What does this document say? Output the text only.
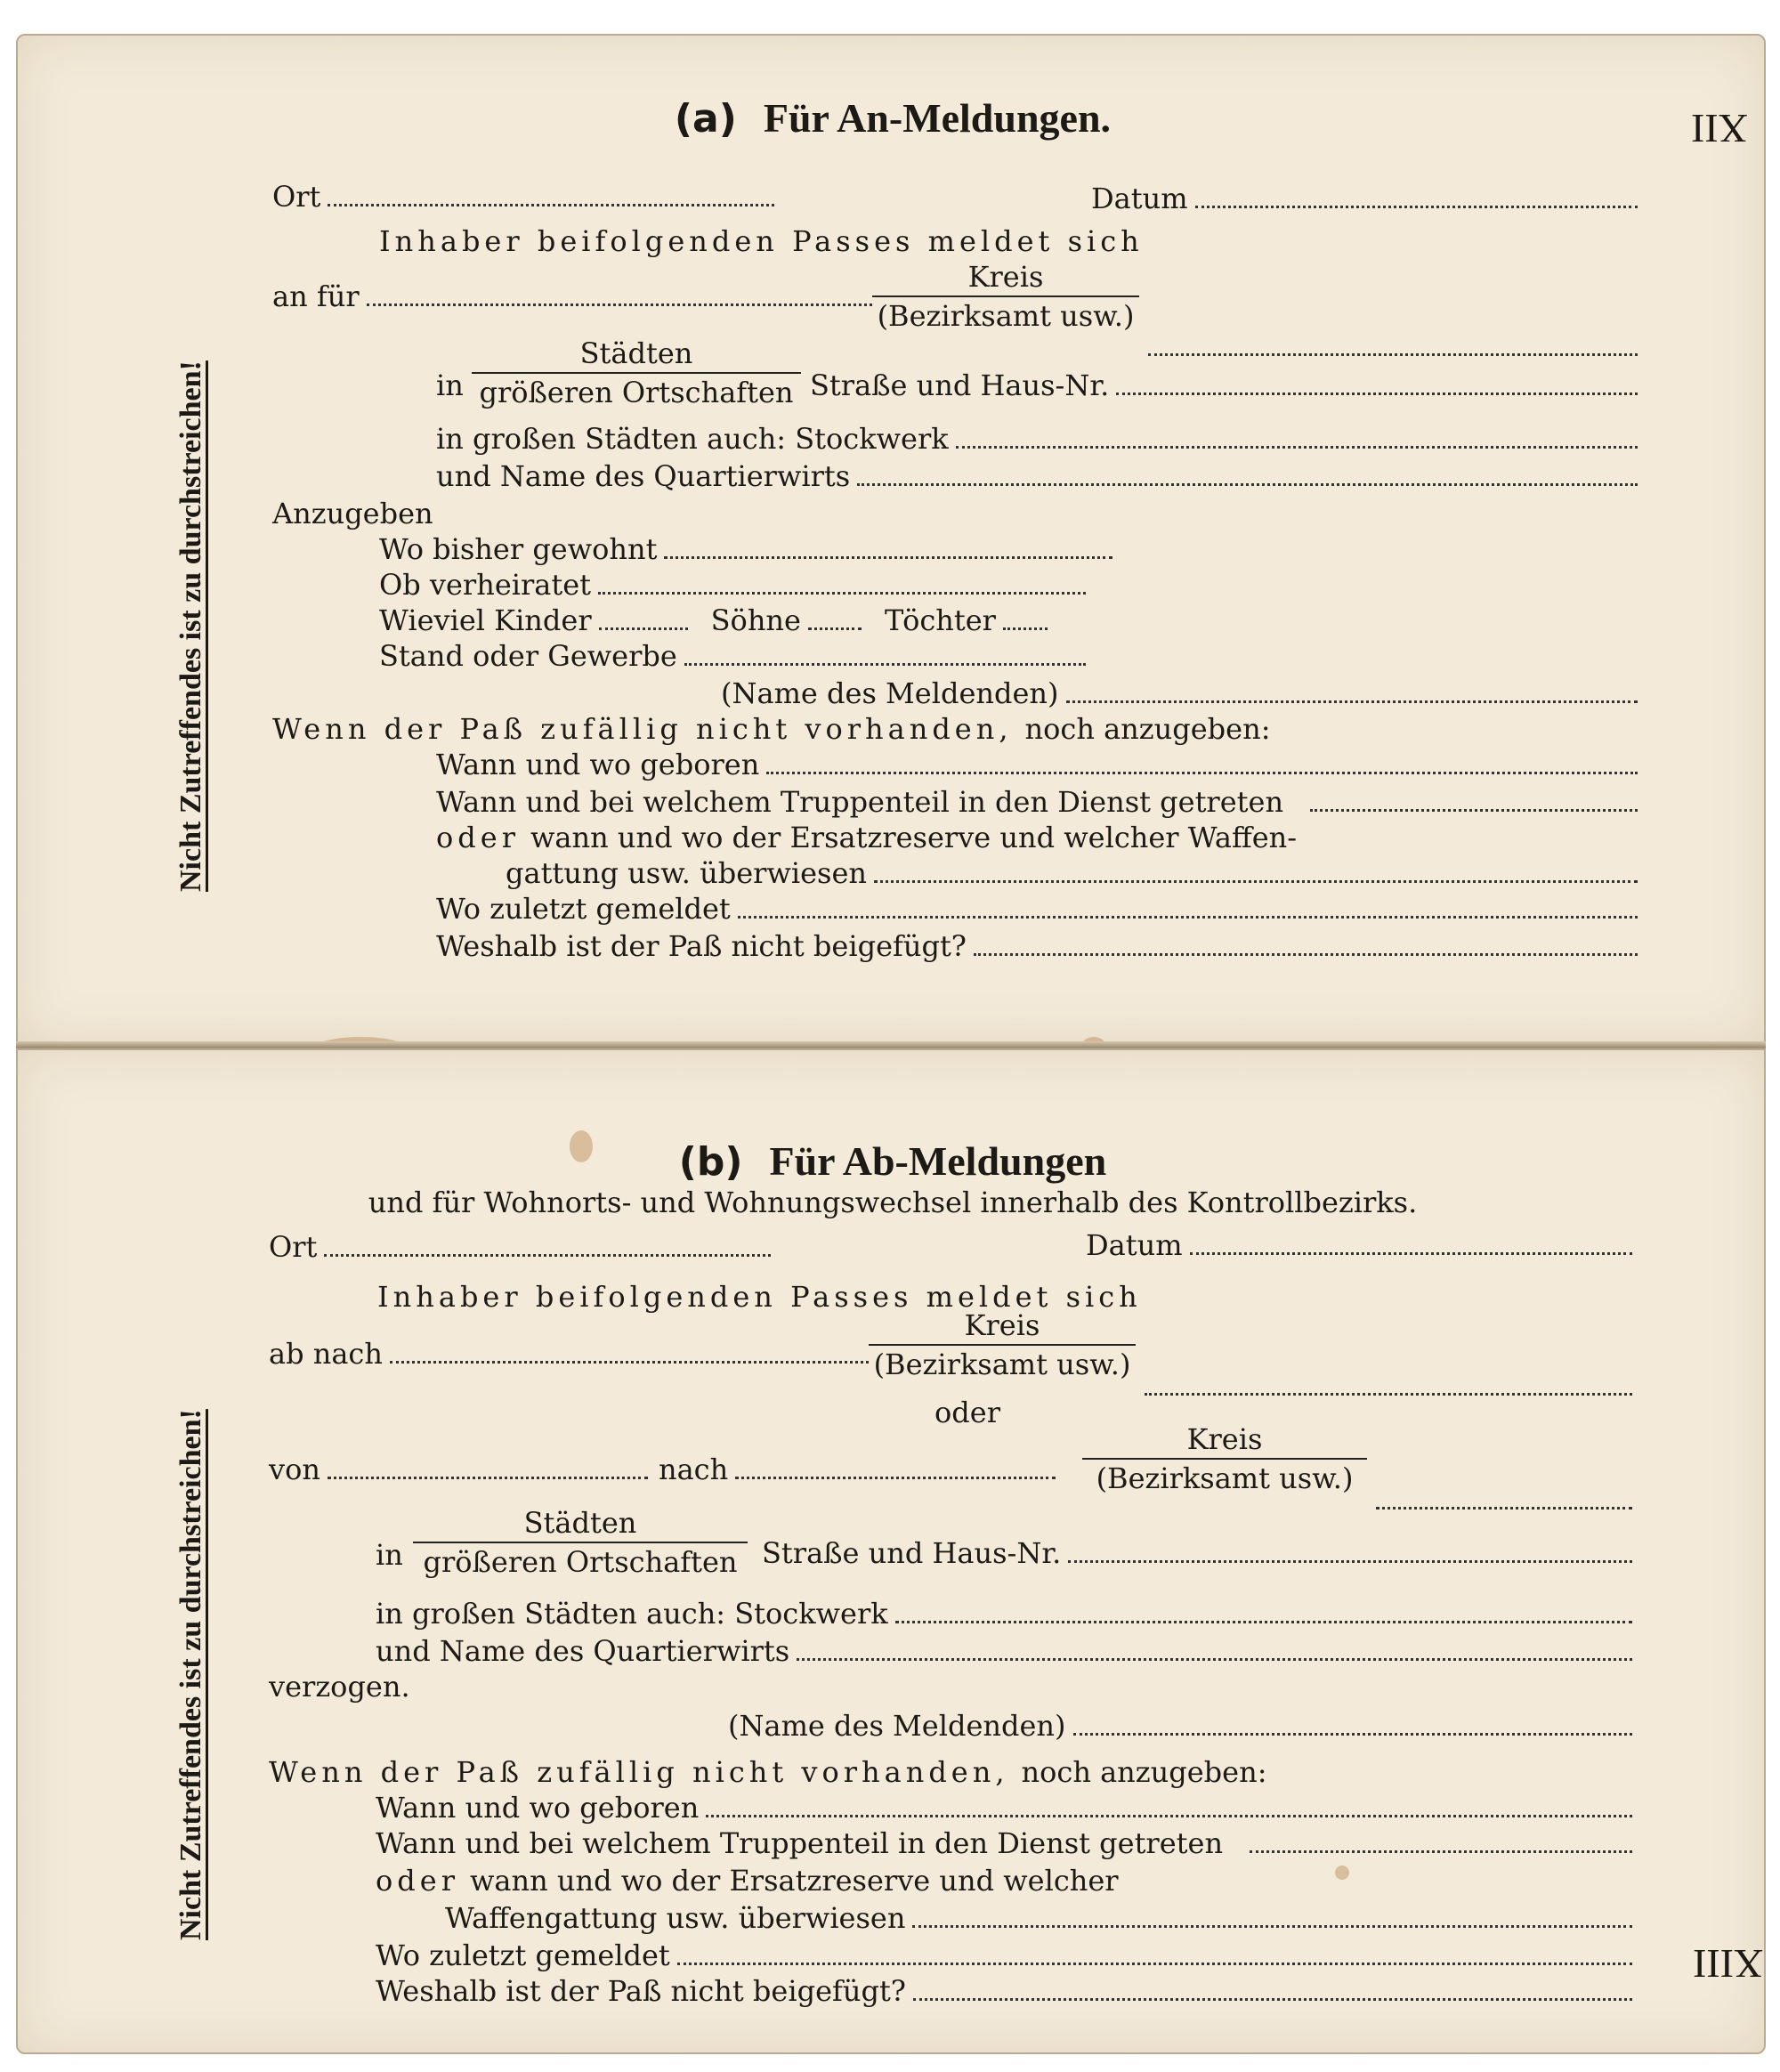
(a) Für An-Meldungen.	XII
Nicht Zutreffendes ist zu durchstreichen!
Ort	Datum
Inhaber beifolgenden Passes meldet sich
an für
Kreis
(Bezirksamt usw.)
in
Städten
größeren Ortschaften Straße und Haus-Nr.
in großen Städten auch: Stockwerk
und Name des Quartierwirts
Anzugeben
Wo bisher gewohnt
Ob verheiratet
Wieviel Kinder	Söhne	Töchter
Stand oder Gewerbe
(Name des Meldenden)
Wenn der Paß zufällig nicht vorhanden, noch anzugeben:
Wann und wo geboren
Wann und bei welchem Truppenteil in den Dienst getreten
oder wann und wo der Ersatzreserve und welcher Waffen-
gattung usw. überwiesen
Wo zuletzt gemeldet
Weshalb ist der Paß nicht beigefügt?
(b) Für Ab-Meldungen
und für Wohnorts- und Wohnungswechsel innerhalb des Kontrollbezirks.
XIII
Nicht Zutreffendes ist zu durchstreichen!
Ort	Datum
Inhaber beifolgenden Passes meldet sich
ab nach
Kreis
(Bezirksamt usw.)
oder
von	nach
Kreis
(Bezirksamt usw.)
in
Städten
größeren Ortschaften Straße und Haus-Nr.
in großen Städten auch: Stockwerk
und Name des Quartierwirts
verzogen.
(Name des Meldenden)
Wenn der Paß zufällig nicht vorhanden, noch anzugeben:
Wann und wo geboren
Wann und bei welchem Truppenteil in den Dienst getreten
oder wann und wo der Ersatzreserve und welcher
Waffengattung usw. überwiesen
Wo zuletzt gemeldet
Weshalb ist der Paß nicht beigefügt?
